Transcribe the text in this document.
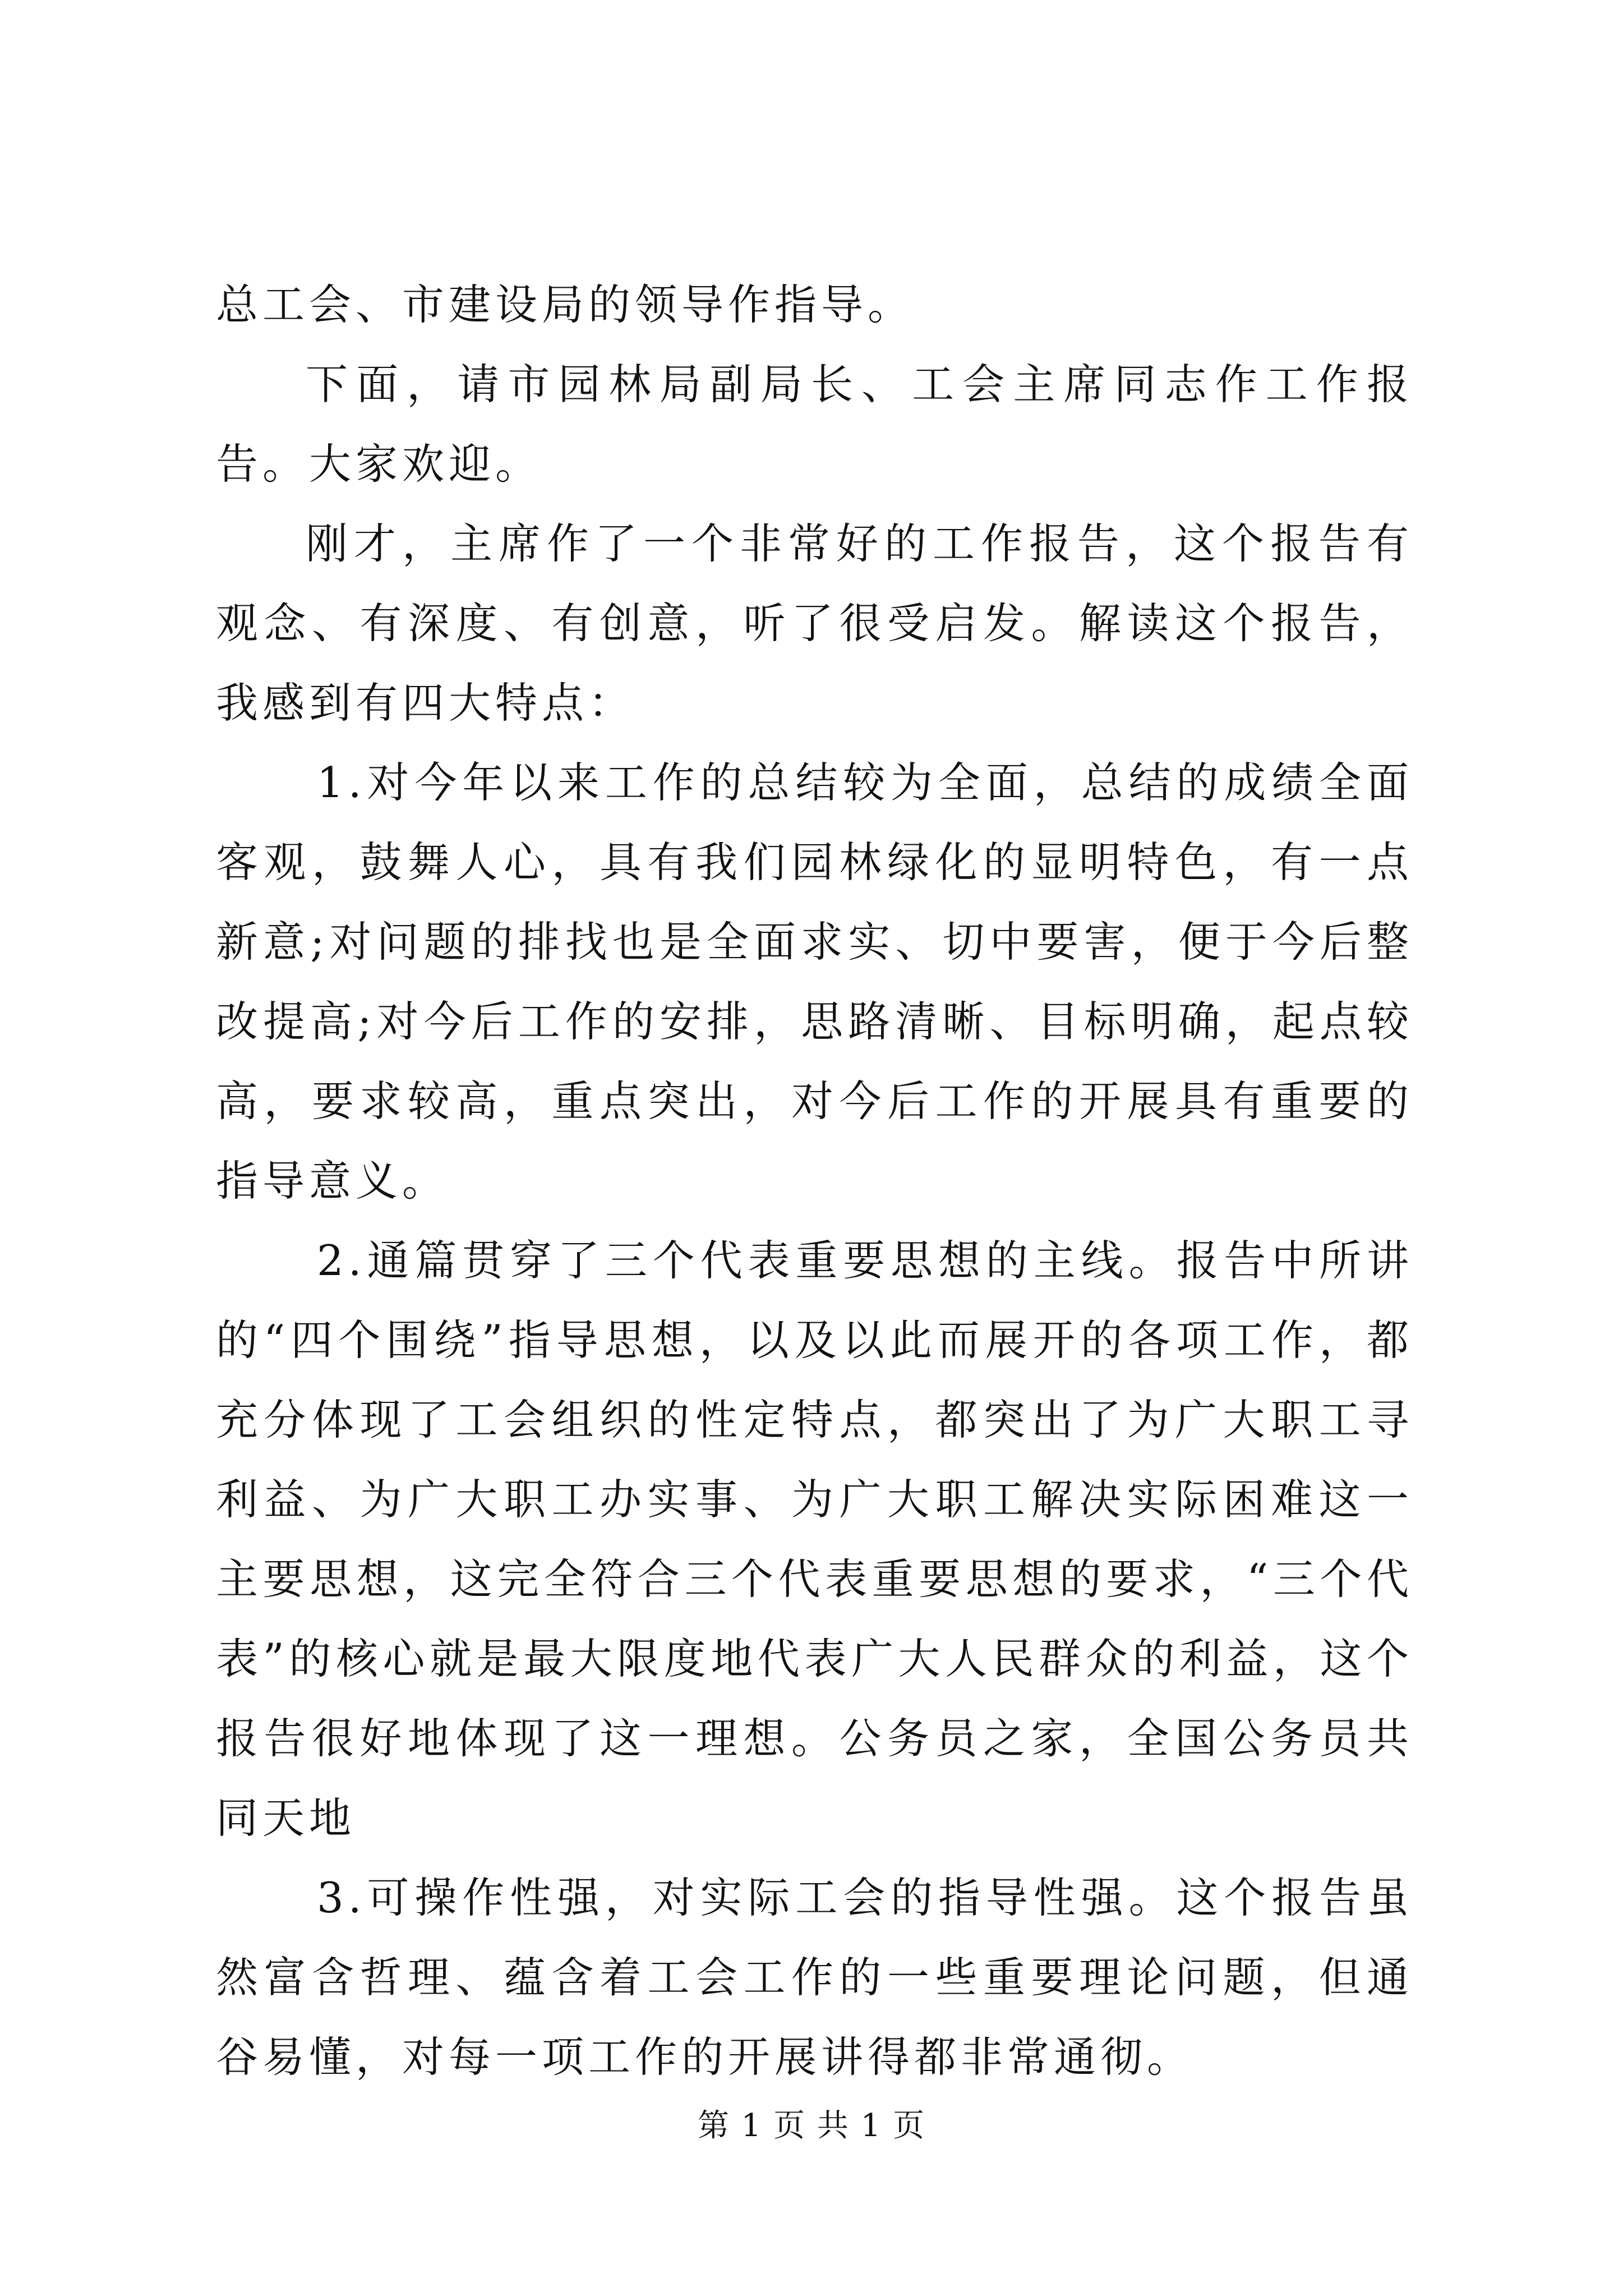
总工会、市建设局的领导作指导。

下面，请市园林局副局长、工会主席同志作工作报告。大家欢迎。

刚才，主席作了一个非常好的工作报告，这个报告有观念、有深度、有创意，听了很受启发。解读这个报告，我感到有四大特点：

1.对今年以来工作的总结较为全面，总结的成绩全面客观，鼓舞人心，具有我们园林绿化的显明特色，有一点新意;对问题的排找也是全面求实、切中要害，便于今后整改提高;对今后工作的安排，思路清晰、目标明确，起点较高，要求较高，重点突出，对今后工作的开展具有重要的指导意义。

2.通篇贯穿了三个代表重要思想的主线。报告中所讲的“四个围绕”指导思想，以及以此而展开的各项工作，都充分体现了工会组织的性定特点，都突出了为广大职工寻利益、为广大职工办实事、为广大职工解决实际困难这一主要思想，这完全符合三个代表重要思想的要求，“三个代表”的核心就是最大限度地代表广大人民群众的利益，这个报告很好地体现了这一理想。公务员之家，全国公务员共同天地

3.可操作性强，对实际工会的指导性强。这个报告虽然富含哲理、蕴含着工会工作的一些重要理论问题，但通谷易懂，对每一项工作的开展讲得都非常通彻。

第 1 页 共 1 页
